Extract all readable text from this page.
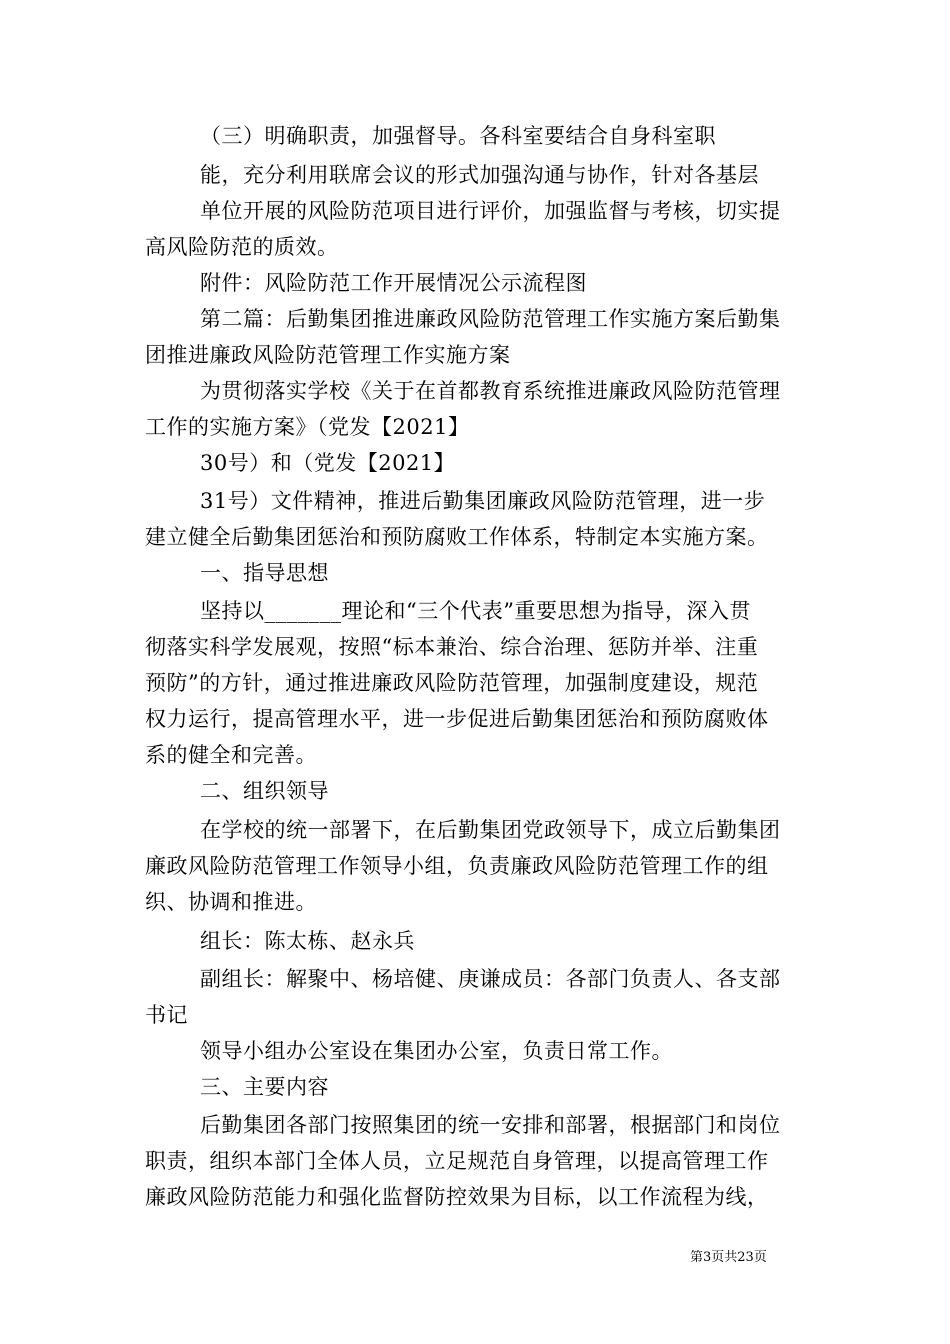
（三）明确职责，加强督导。各科室要结合自身科室职
能，充分利用联席会议的形式加强沟通与协作，针对各基层
单位开展的风险防范项目进行评价，加强监督与考核，切实提
高风险防范的质效。
附件：风险防范工作开展情况公示流程图
第二篇：后勤集团推进廉政风险防范管理工作实施方案后勤集
团推进廉政风险防范管理工作实施方案
为贯彻落实学校《关于在首都教育系统推进廉政风险防范管理
工作的实施方案》（党发【2021】
30号）和（党发【2021】
31号）文件精神，推进后勤集团廉政风险防范管理，进一步
建立健全后勤集团惩治和预防腐败工作体系，特制定本实施方案。
一、指导思想
坚持以_______理论和“三个代表”重要思想为指导，深入贯
彻落实科学发展观，按照“标本兼治、综合治理、惩防并举、注重
预防”的方针，通过推进廉政风险防范管理，加强制度建设，规范
权力运行，提高管理水平，进一步促进后勤集团惩治和预防腐败体
系的健全和完善。
二、组织领导
在学校的统一部署下，在后勤集团党政领导下，成立后勤集团
廉政风险防范管理工作领导小组，负责廉政风险防范管理工作的组
织、协调和推进。
组长：陈太栋、赵永兵
副组长：解聚中、杨培健、庚谦成员：各部门负责人、各支部
书记
领导小组办公室设在集团办公室，负责日常工作。
三、主要内容
后勤集团各部门按照集团的统一安排和部署，根据部门和岗位
职责，组织本部门全体人员，立足规范自身管理，以提高管理工作
廉政风险防范能力和强化监督防控效果为目标，以工作流程为线，
第3页共23页
